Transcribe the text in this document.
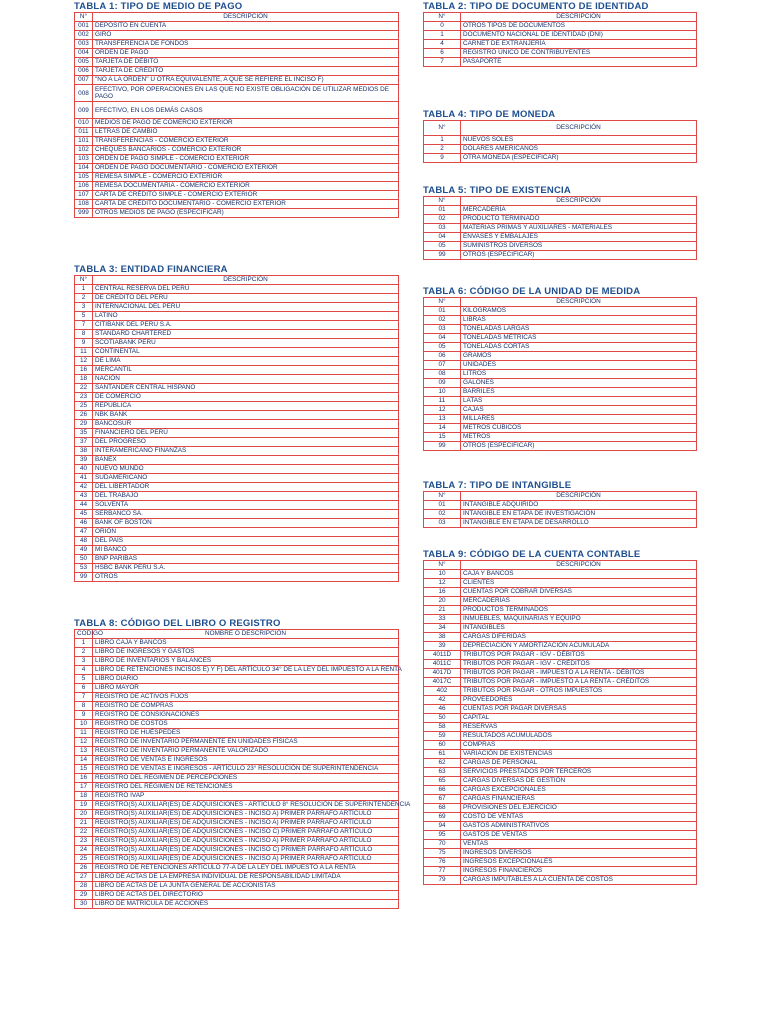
TABLA 1: TIPO DE MEDIO DE PAGO
N°	DESCRIPCIÓN
001	DEPÓSITO EN CUENTA
002	GIRO
003	TRANSFERENCIA DE FONDOS
004	ORDEN DE PAGO
005	TARJETA DE DÉBITO
006	TARJETA DE CRÉDITO
007	"NO A LA ORDEN" U OTRA EQUIVALENTE, A QUE SE REFIERE EL INCISO F)
008	EFECTIVO, POR OPERACIONES EN LAS QUE NO EXISTE OBLIGACIÓN DE UTILIZAR MEDIOS DE PAGO
009	EFECTIVO, EN LOS DEMÁS CASOS
010	MEDIOS DE PAGO DE COMERCIO EXTERIOR
011	LETRAS DE CAMBIO
101	TRANSFERENCIAS - COMERCIO EXTERIOR
102	CHEQUES BANCARIOS - COMERCIO EXTERIOR
103	ORDEN DE PAGO SIMPLE - COMERCIO EXTERIOR
104	ORDEN DE PAGO DOCUMENTARIO - COMERCIO EXTERIOR
105	REMESA SIMPLE - COMERCIO EXTERIOR
106	REMESA DOCUMENTARIA - COMERCIO EXTERIOR
107	CARTA DE CRÉDITO SIMPLE - COMERCIO EXTERIOR
108	CARTA DE CRÉDITO DOCUMENTARIO - COMERCIO EXTERIOR
999	OTROS MEDIOS DE PAGO (ESPECIFICAR)
TABLA 2: TIPO DE DOCUMENTO DE IDENTIDAD
N°	DESCRIPCIÓN
0	OTROS TIPOS DE DOCUMENTOS
1	DOCUMENTO NACIONAL DE IDENTIDAD (DNI)
4	CARNET DE EXTRANJERÍA
6	REGISTRO ÚNICO DE CONTRIBUYENTES
7	PASAPORTE
TABLA 4: TIPO DE MONEDA
N°	DESCRIPCIÓN
1	NUEVOS SOLES
2	DÓLARES AMERICANOS
9	OTRA MONEDA (ESPECIFICAR)
TABLA 5: TIPO DE EXISTENCIA
N°	DESCRIPCIÓN
01	MERCADERÍA
02	PRODUCTO TERMINADO
03	MATERIAS PRIMAS Y AUXILIARES - MATERIALES
04	ENVASES Y EMBALAJES
05	SUMINISTROS DIVERSOS
99	OTROS (ESPECIFICAR)
TABLA 6: CÓDIGO DE LA UNIDAD DE MEDIDA
N°	DESCRIPCIÓN
01	KILOGRAMOS
02	LIBRAS
03	TONELADAS LARGAS
04	TONELADAS MÉTRICAS
05	TONELADAS CORTAS
06	GRAMOS
07	UNIDADES
08	LITROS
09	GALONES
10	BARRILES
11	LATAS
12	CAJAS
13	MILLARES
14	METROS CÚBICOS
15	METROS
99	OTROS (ESPECIFICAR)
TABLA 7: TIPO DE INTANGIBLE
N°	DESCRIPCIÓN
01	INTANGIBLE ADQUIRIDO
02	INTANGIBLE EN ETAPA DE INVESTIGACIÓN
03	INTANGIBLE EN ETAPA DE DESARROLLO
TABLA 9: CÓDIGO DE LA CUENTA CONTABLE
N°	DESCRIPCIÓN
10	CAJA Y BANCOS
12	CLIENTES
16	CUENTAS POR COBRAR DIVERSAS
20	MERCADERÍAS
21	PRODUCTOS TERMINADOS
33	INMUEBLES, MAQUINARIAS Y EQUIPO
34	INTANGIBLES
38	CARGAS DIFERIDAS
39	DEPRECIACIÓN Y AMORTIZACIÓN ACUMULADA
4011D	TRIBUTOS POR PAGAR - IGV - DÉBITOS
4011C	TRIBUTOS POR PAGAR - IGV - CRÉDITOS
4017D	TRIBUTOS POR PAGAR - IMPUESTO A LA RENTA - DÉBITOS
4017C	TRIBUTOS POR PAGAR - IMPUESTO A LA RENTA - CRÉDITOS
402	TRIBUTOS POR PAGAR - OTROS IMPUESTOS
42	PROVEEDORES
46	CUENTAS POR PAGAR DIVERSAS
50	CAPITAL
58	RESERVAS
59	RESULTADOS ACUMULADOS
60	COMPRAS
61	VARIACIÓN DE EXISTENCIAS
62	CARGAS DE PERSONAL
63	SERVICIOS PRESTADOS POR TERCEROS
65	CARGAS DIVERSAS DE GESTIÓN
66	CARGAS EXCEPCIONALES
67	CARGAS FINANCIERAS
68	PROVISIONES DEL EJERCICIO
69	COSTO DE VENTAS
94	GASTOS ADMINISTRATIVOS
95	GASTOS DE VENTAS
70	VENTAS
75	INGRESOS DIVERSOS
76	INGRESOS EXCEPCIONALES
77	INGRESOS FINANCIEROS
79	CARGAS IMPUTABLES A LA CUENTA DE COSTOS
TABLA 3: ENTIDAD FINANCIERA
N°	DESCRIPCIÓN
1	CENTRAL RESERVA DEL PERÚ
2	DE CRÉDITO DEL PERÚ
3	INTERNACIONAL DEL PERÚ
5	LATINO
7	CITIBANK DEL PERÚ S.A.
8	STANDARD CHARTERED
9	SCOTIABANK PERÚ
11	CONTINENTAL
12	DE LIMA
16	MERCANTIL
18	NACIÓN
22	SANTANDER CENTRAL HISPANO
23	DE COMERCIO
25	REPÚBLICA
26	NBK BANK
29	BANCOSUR
35	FINANCIERO DEL PERÚ
37	DEL PROGRESO
38	INTERAMERICANO FINANZAS
39	BANEX
40	NUEVO MUNDO
41	SUDAMERICANO
42	DEL LIBERTADOR
43	DEL TRABAJO
44	SOLVENTA
45	SERBANCO SA.
46	BANK OF BOSTON
47	ORIÓN
48	DEL PAÍS
49	MI BANCO
50	BNP PARIBAS
53	HSBC BANK PERÚ S.A.
99	OTROS
TABLA 8: CÓDIGO DEL LIBRO O REGISTRO
CÓDIGO	NOMBRE O DESCRIPCIÓN
1	LIBRO CAJA Y BANCOS
2	LIBRO DE INGRESOS Y GASTOS
3	LIBRO DE INVENTARIOS Y BALANCES
4	LIBRO DE RETENCIONES INCISOS E) Y F) DEL ARTÍCULO 34° DE LA LEY DEL IMPUESTO A LA RENTA
5	LIBRO DIARIO
6	LIBRO MAYOR
7	REGISTRO DE ACTIVOS FIJOS
8	REGISTRO DE COMPRAS
9	REGISTRO DE CONSIGNACIONES
10	REGISTRO DE COSTOS
11	REGISTRO DE HUÉSPEDES
12	REGISTRO DE INVENTARIO PERMANENTE EN UNIDADES FÍSICAS
13	REGISTRO DE INVENTARIO PERMANENTE VALORIZADO
14	REGISTRO DE VENTAS E INGRESOS
15	REGISTRO DE VENTAS E INGRESOS - ARTÍCULO 23° RESOLUCIÓN DE SUPERINTENDENCIA
16	REGISTRO DEL RÉGIMEN DE PERCEPCIONES
17	REGISTRO DEL RÉGIMEN DE RETENCIONES
18	REGISTRO IVAP
19	REGISTRO(S) AUXILIAR(ES) DE ADQUISICIONES - ARTÍCULO 8° RESOLUCIÓN DE SUPERINTENDENCIA
20	REGISTRO(S) AUXILIAR(ES) DE ADQUISICIONES - INCISO A) PRIMER PÁRRAFO ARTÍCULO
21	REGISTRO(S) AUXILIAR(ES) DE ADQUISICIONES - INCISO A) PRIMER PÁRRAFO ARTÍCULO
22	REGISTRO(S) AUXILIAR(ES) DE ADQUISICIONES - INCISO C) PRIMER PÁRRAFO ARTÍCULO
23	REGISTRO(S) AUXILIAR(ES) DE ADQUISICIONES - INCISO A) PRIMER PÁRRAFO ARTÍCULO
24	REGISTRO(S) AUXILIAR(ES) DE ADQUISICIONES - INCISO C) PRIMER PÁRRAFO ARTÍCULO
25	REGISTRO(S) AUXILIAR(ES) DE ADQUISICIONES - INCISO A) PRIMER PÁRRAFO ARTÍCULO
26	REGISTRO DE RETENCIONES ARTÍCULO 77-A DE LA LEY DEL IMPUESTO A LA RENTA
27	LIBRO DE ACTAS DE LA EMPRESA INDIVIDUAL DE RESPONSABILIDAD LIMITADA
28	LIBRO DE ACTAS DE LA JUNTA GENERAL DE ACCIONISTAS
29	LIBRO DE ACTAS DEL DIRECTORIO
30	LIBRO DE MATRÍCULA DE ACCIONES
